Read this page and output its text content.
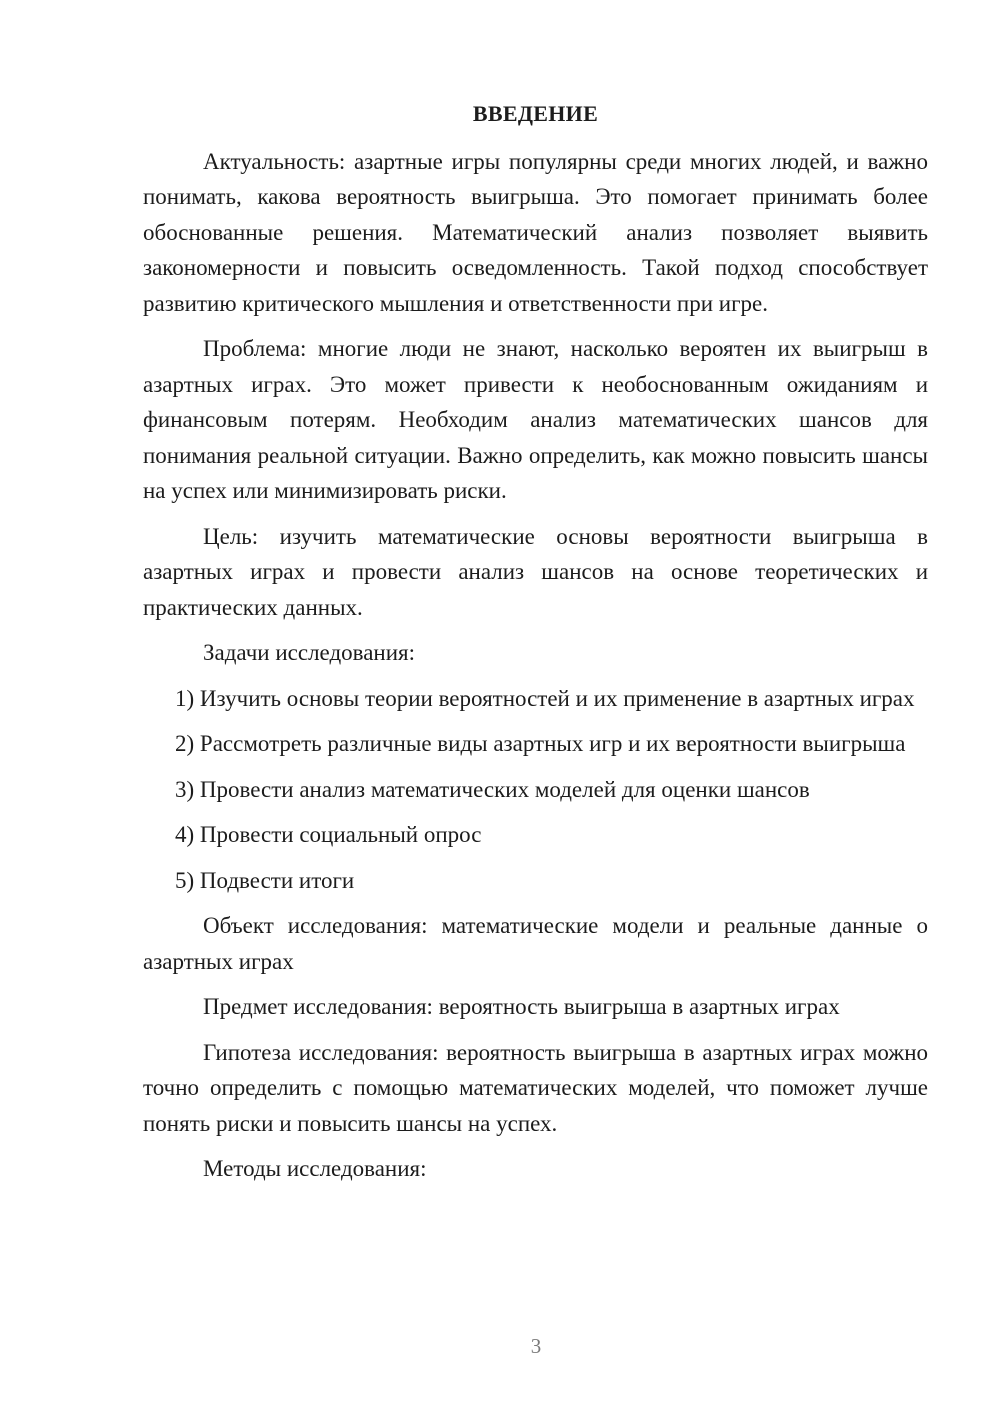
ВВЕДЕНИЕ

Актуальность: азартные игры популярны среди многих людей, и важно понимать, какова вероятность выигрыша. Это помогает принимать более обоснованные решения. Математический анализ позволяет выявить закономерности и повысить осведомленность. Такой подход способствует развитию критического мышления и ответственности при игре.

Проблема: многие люди не знают, насколько вероятен их выигрыш в азартных играх. Это может привести к необоснованным ожиданиям и финансовым потерям. Необходим анализ математических шансов для понимания реальной ситуации. Важно определить, как можно повысить шансы на успех или минимизировать риски.

Цель: изучить математические основы вероятности выигрыша в азартных играх и провести анализ шансов на основе теоретических и практических данных.

Задачи исследования:

1) Изучить основы теории вероятностей и их применение в азартных играх

2) Рассмотреть различные виды азартных игр и их вероятности выигрыша

3) Провести анализ математических моделей для оценки шансов

4) Провести социальный опрос

5) Подвести итоги

Объект исследования: математические модели и реальные данные о азартных играх

Предмет исследования: вероятность выигрыша в азартных играх

Гипотеза исследования: вероятность выигрыша в азартных играх можно точно определить с помощью математических моделей, что поможет лучше понять риски и повысить шансы на успех.

Методы исследования:

3
